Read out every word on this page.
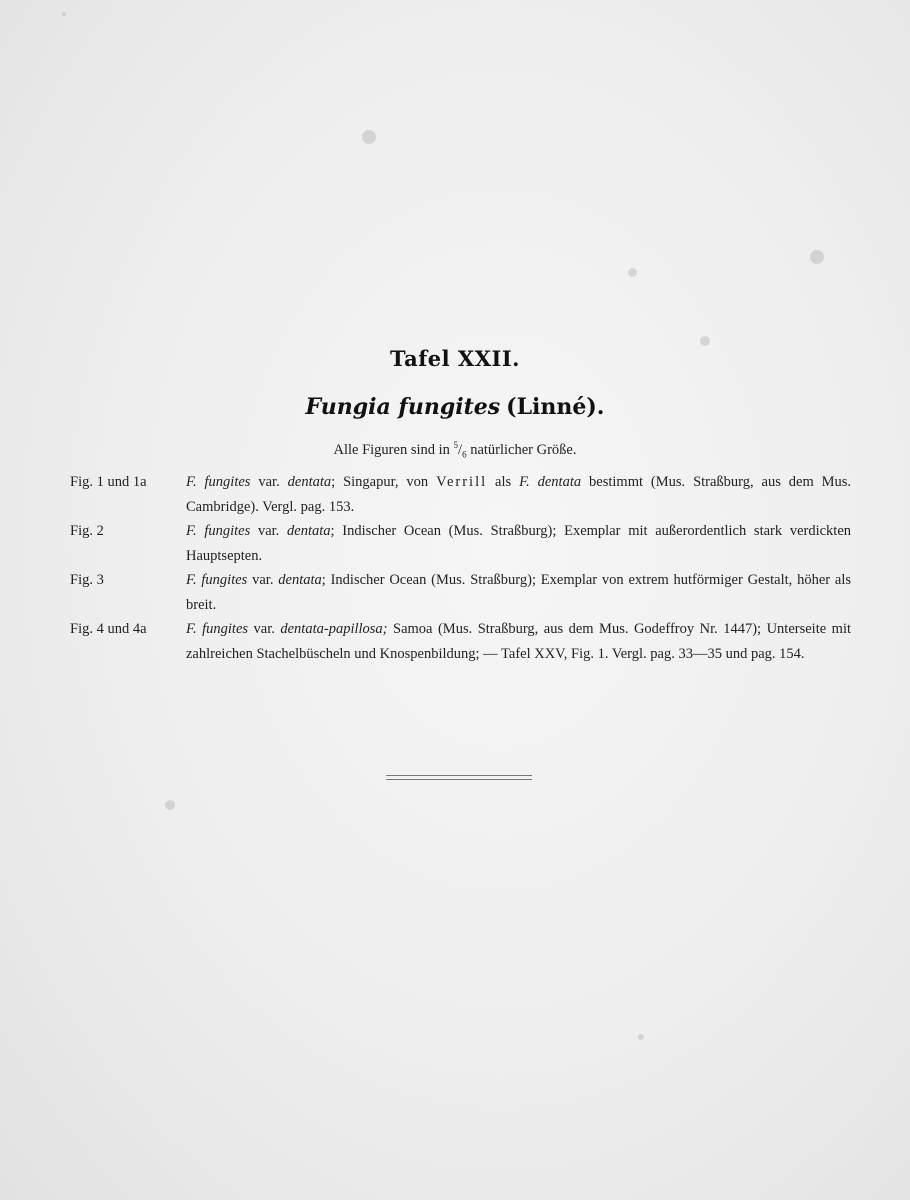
Tafel XXII.
Fungia fungites (Linné).
Alle Figuren sind in $^5/_6$ natürlicher Größe.
Fig. 1 und 1a	F. fungites var. dentata; Singapur, von Verrill als F. dentata bestimmt (Mus. Straßburg, aus dem Mus. Cambridge). Vergl. pag. 153.
Fig. 2	F. fungites var. dentata; Indischer Ocean (Mus. Straßburg); Exemplar mit außerordentlich stark verdickten Hauptsepten.
Fig. 3	F. fungites var. dentata; Indischer Ocean (Mus. Straßburg); Exemplar von extrem hutförmiger Gestalt, höher als breit.
Fig. 4 und 4a	F. fungites var. dentata-papillosa; Samoa (Mus. Straßburg, aus dem Mus. Godeffroy Nr. 1447); Unterseite mit zahlreichen Stachelbüscheln und Knospenbildung; — Tafel XXV, Fig. 1. Vergl. pag. 33—35 und pag. 154.
